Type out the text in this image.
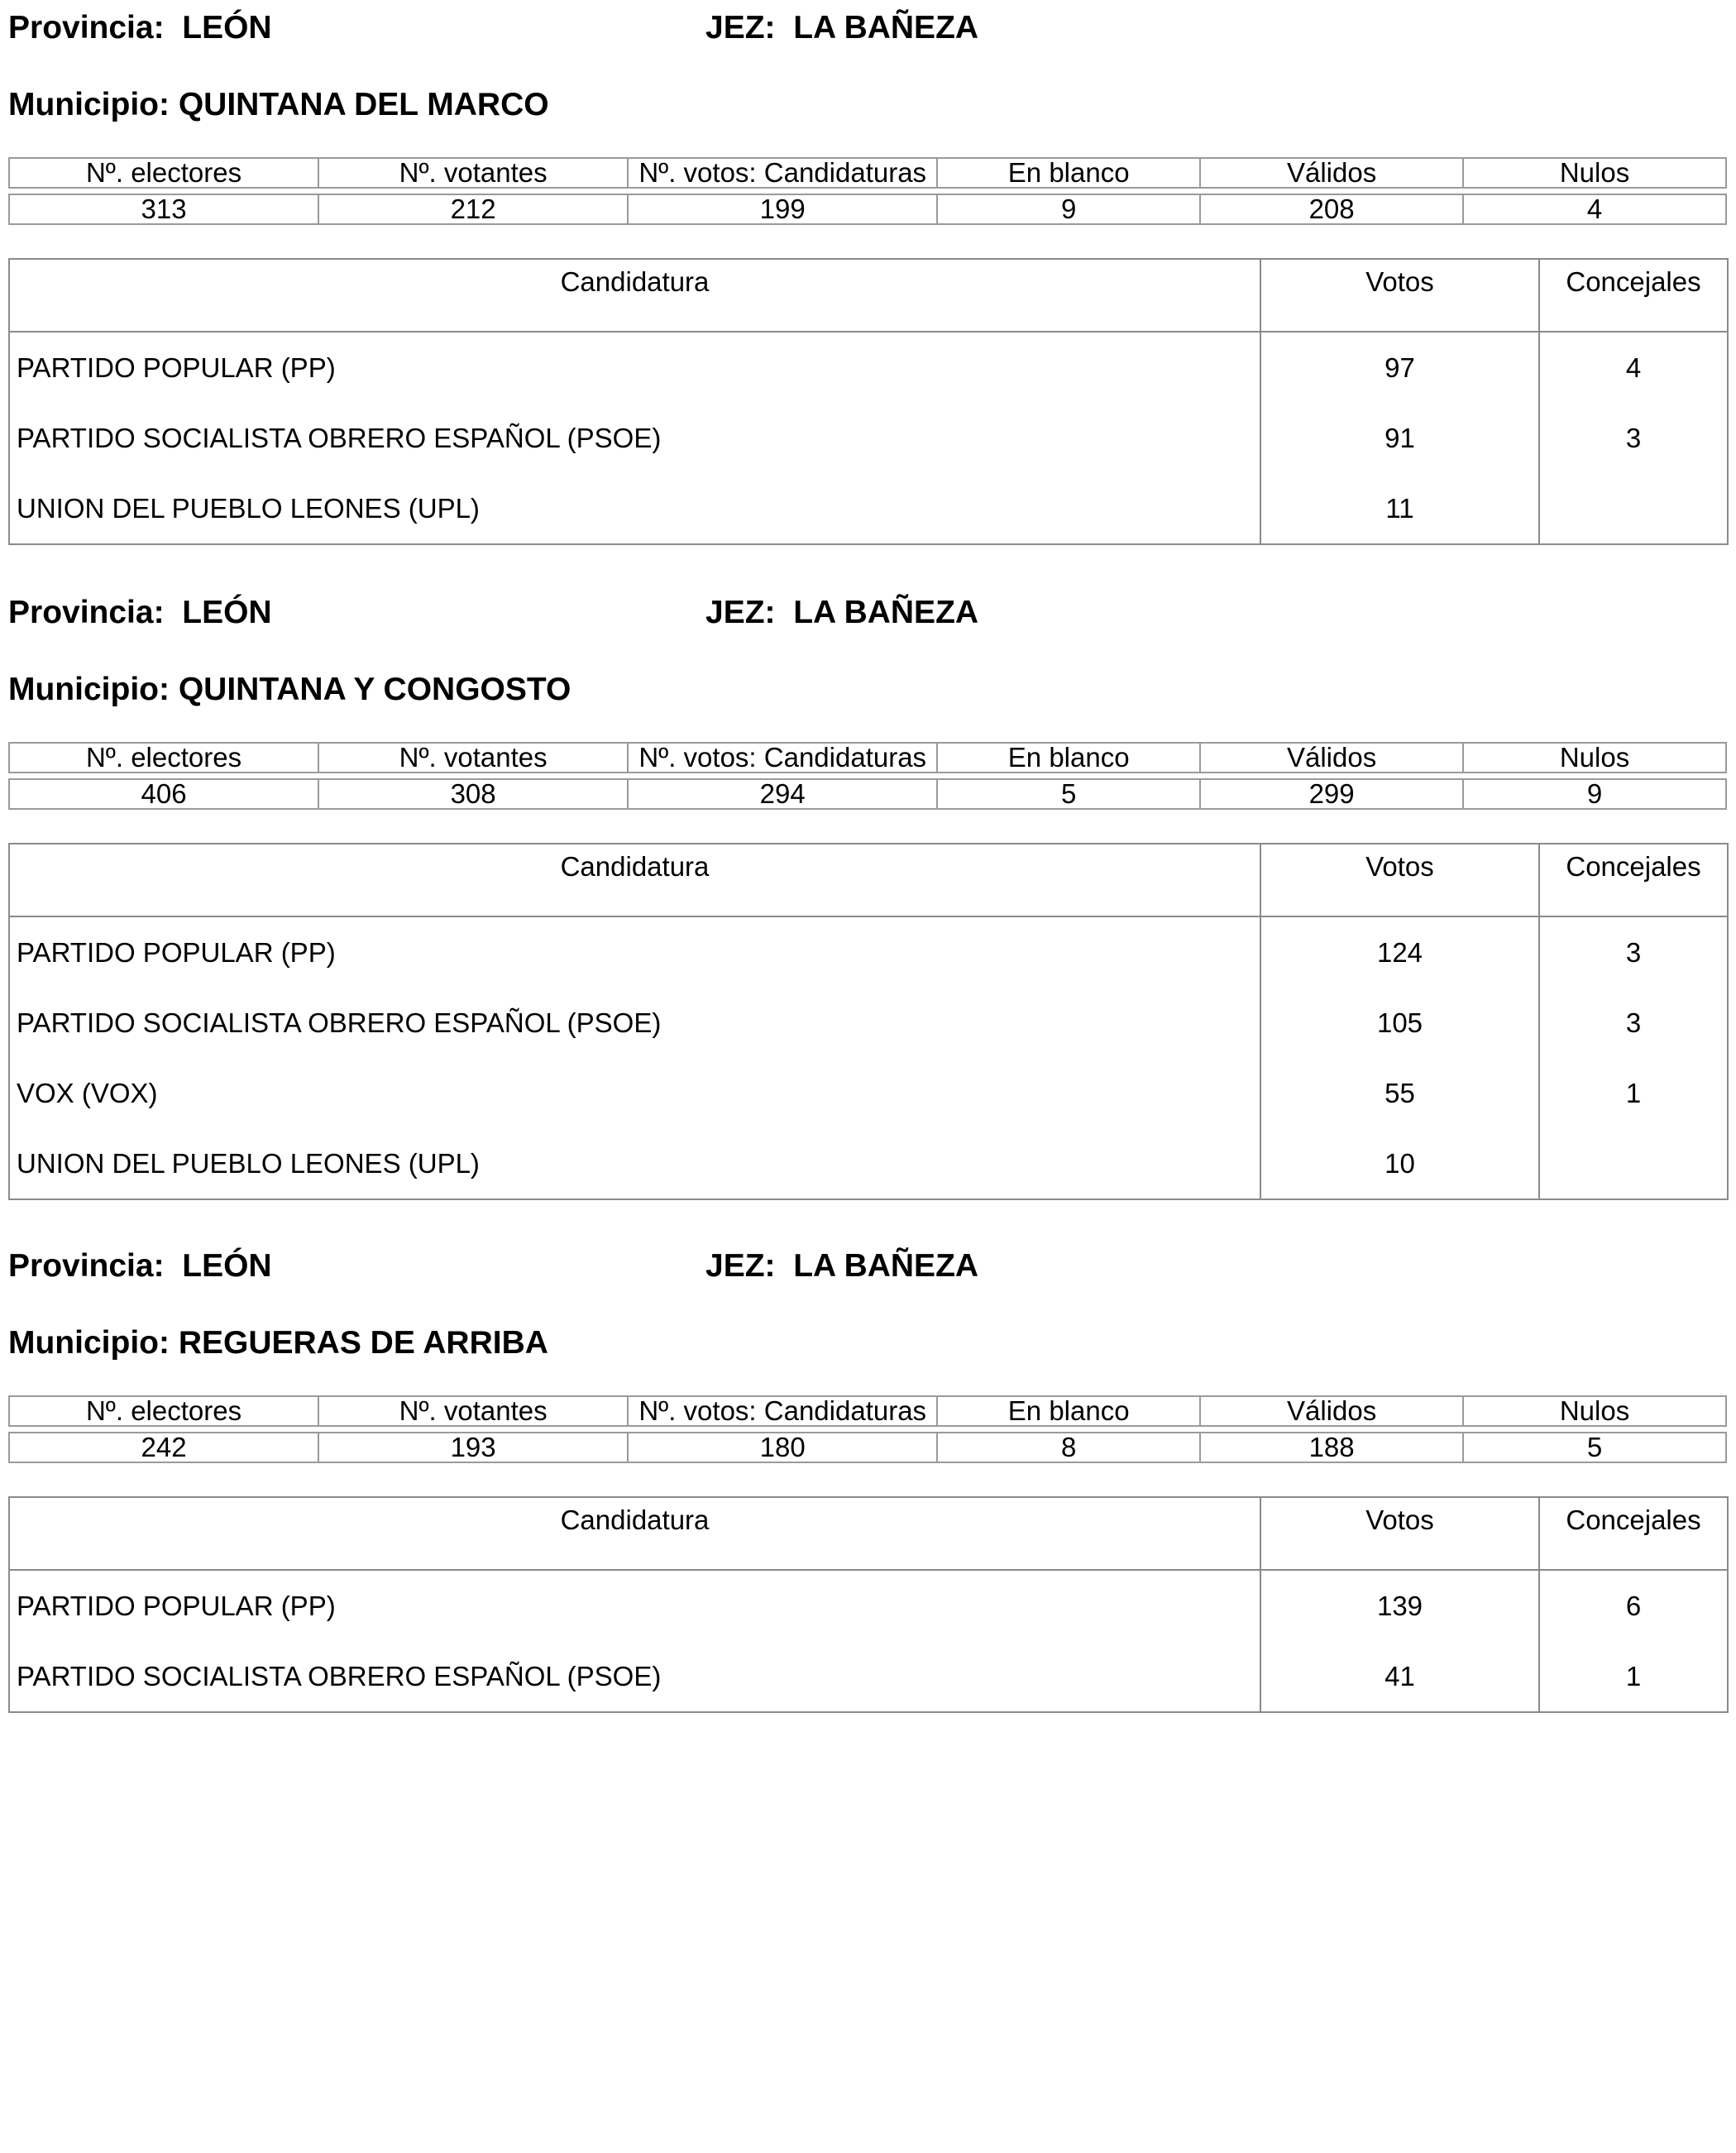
Provincia: LEÓN	JEZ: LA BAÑEZA
Municipio: QUINTANA DEL MARCO
Nº. electores	Nº. votantes	Nº. votos: Candidaturas	En blanco	Válidos	Nulos

313	212	199	9	208	4
Candidatura	Votos	Concejales
PARTIDO POPULAR (PP)	97	4
PARTIDO SOCIALISTA OBRERO ESPAÑOL (PSOE)	91	3
UNION DEL PUEBLO LEONES (UPL)	11	
Provincia: LEÓN	JEZ: LA BAÑEZA
Municipio: QUINTANA Y CONGOSTO
Nº. electores	Nº. votantes	Nº. votos: Candidaturas	En blanco	Válidos	Nulos

406	308	294	5	299	9
Candidatura	Votos	Concejales
PARTIDO POPULAR (PP)	124	3
PARTIDO SOCIALISTA OBRERO ESPAÑOL (PSOE)	105	3
VOX (VOX)	55	1
UNION DEL PUEBLO LEONES (UPL)	10	
Provincia: LEÓN	JEZ: LA BAÑEZA
Municipio: REGUERAS DE ARRIBA
Nº. electores	Nº. votantes	Nº. votos: Candidaturas	En blanco	Válidos	Nulos

242	193	180	8	188	5
Candidatura	Votos	Concejales
PARTIDO POPULAR (PP)	139	6
PARTIDO SOCIALISTA OBRERO ESPAÑOL (PSOE)	41	1
